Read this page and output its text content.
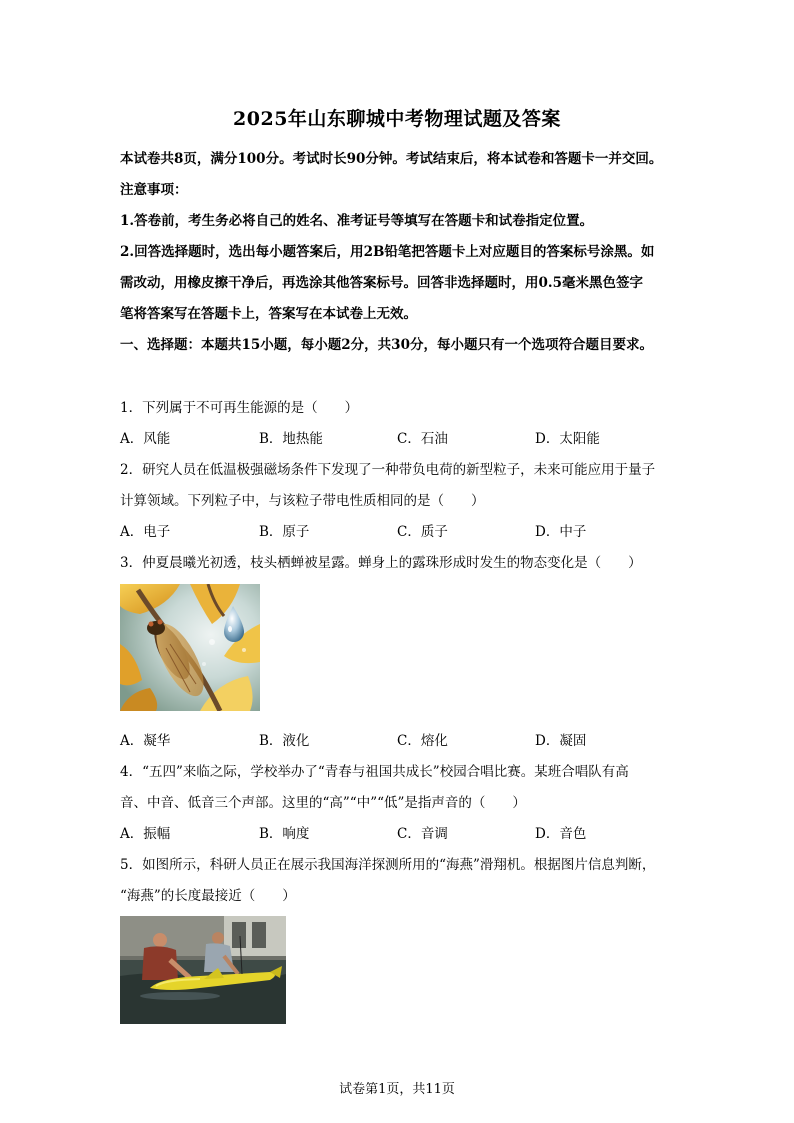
2025年山东聊城中考物理试题及答案
本试卷共8页，满分100分。考试时长90分钟。考试结束后，将本试卷和答题卡一并交回。
注意事项：
1.答卷前，考生务必将自己的姓名、准考证号等填写在答题卡和试卷指定位置。
2.回答选择题时，选出每小题答案后，用2B铅笔把答题卡上对应题目的答案标号涂黑。如
需改动，用橡皮擦干净后，再选涂其他答案标号。回答非选择题时，用0.5毫米黑色签字
笔将答案写在答题卡上，答案写在本试卷上无效。
一、选择题：本题共15小题，每小题2分，共30分，每小题只有一个选项符合题目要求。
1．下列属于不可再生能源的是（　　）
A．风能	B．地热能	C．石油	D．太阳能
2．研究人员在低温极强磁场条件下发现了一种带负电荷的新型粒子，未来可能应用于量子
计算领域。下列粒子中，与该粒子带电性质相同的是（　　）
A．电子	B．原子	C．质子	D．中子
3．仲夏晨曦光初透，枝头栖蝉被星露。蝉身上的露珠形成时发生的物态变化是（　　）
A．凝华	B．液化	C．熔化	D．凝固
4．“五四”来临之际，学校举办了“青春与祖国共成长”校园合唱比赛。某班合唱队有高
音、中音、低音三个声部。这里的“高”“中”“低”是指声音的（　　）
A．振幅	B．响度	C．音调	D．音色
5．如图所示，科研人员正在展示我国海洋探测所用的“海燕”滑翔机。根据图片信息判断，
“海燕”的长度最接近（　　）
试卷第1页，共11页
